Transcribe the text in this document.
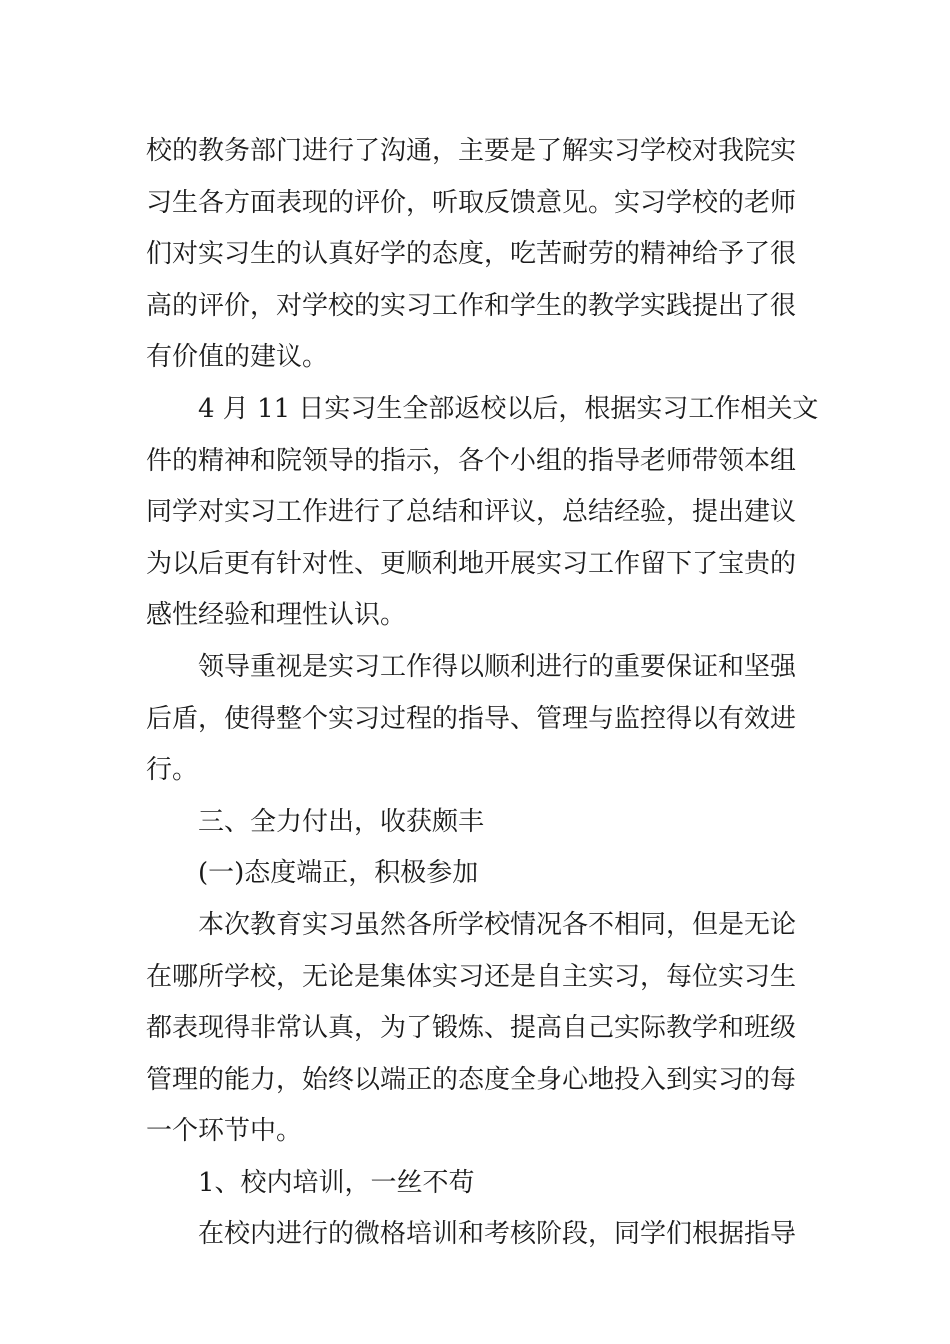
校的教务部门进行了沟通，主要是了解实习学校对我院实
习生各方面表现的评价，听取反馈意见。实习学校的老师
们对实习生的认真好学的态度，吃苦耐劳的精神给予了很
高的评价，对学校的实习工作和学生的教学实践提出了很
有价值的建议。
4 月 11 日实习生全部返校以后，根据实习工作相关文
件的精神和院领导的指示，各个小组的指导老师带领本组
同学对实习工作进行了总结和评议，总结经验，提出建议
为以后更有针对性、更顺利地开展实习工作留下了宝贵的
感性经验和理性认识。
领导重视是实习工作得以顺利进行的重要保证和坚强
后盾，使得整个实习过程的指导、管理与监控得以有效进
行。
三、全力付出，收获颇丰
(一)态度端正，积极参加
本次教育实习虽然各所学校情况各不相同，但是无论
在哪所学校，无论是集体实习还是自主实习，每位实习生
都表现得非常认真，为了锻炼、提高自己实际教学和班级
管理的能力，始终以端正的态度全身心地投入到实习的每
一个环节中。
1、校内培训，一丝不苟
在校内进行的微格培训和考核阶段，同学们根据指导
